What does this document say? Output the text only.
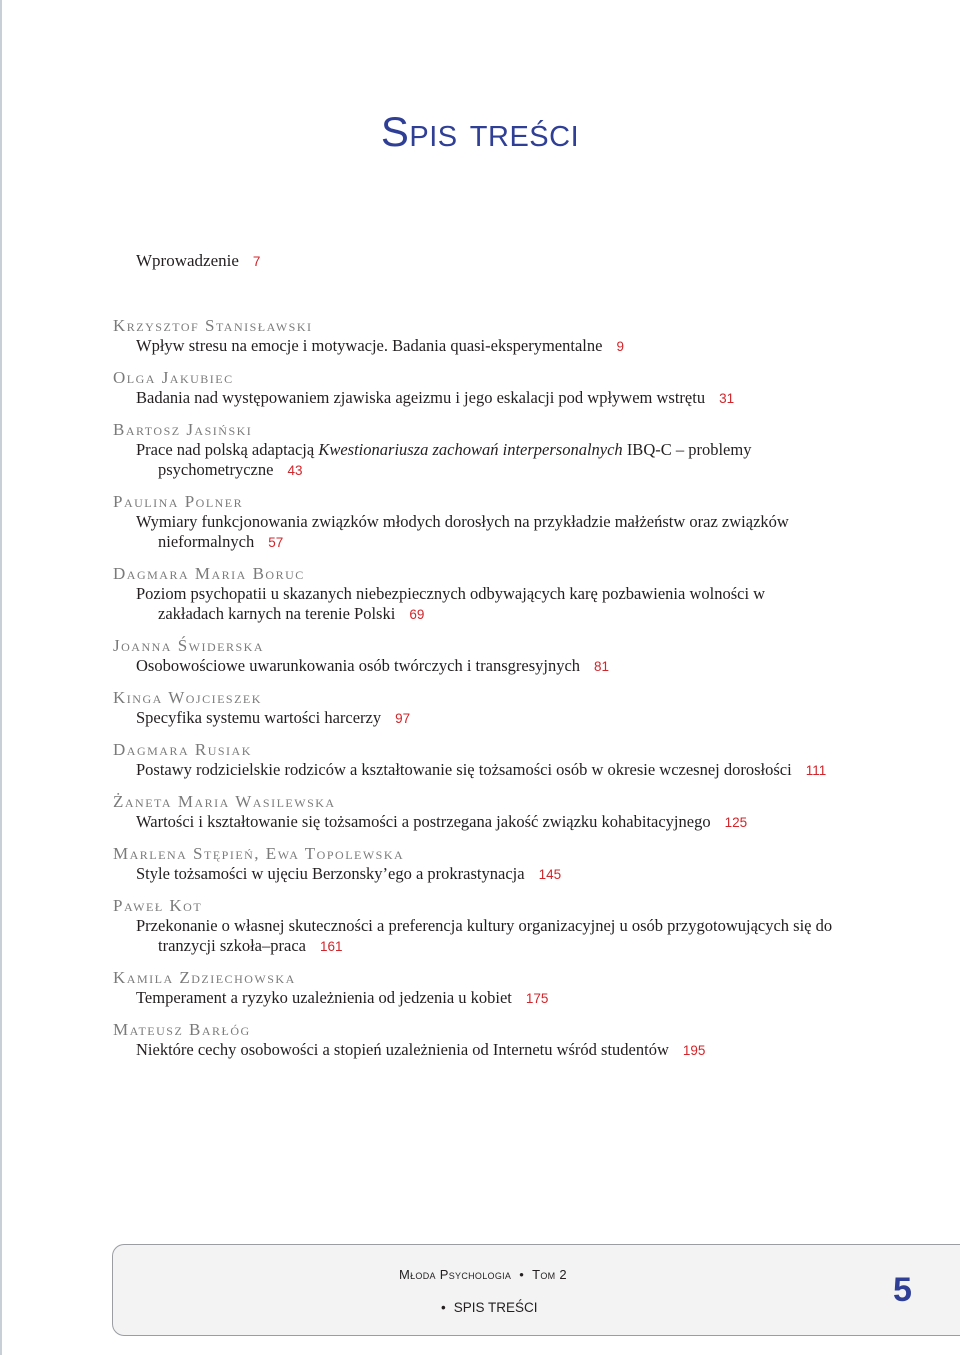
Spis treści
Wprowadzenie 7
Krzysztof Stanisławski
Wpływ stresu na emocje i motywacje. Badania quasi-eksperymentalne 9
Olga Jakubiec
Badania nad występowaniem zjawiska ageizmu i jego eskalacji pod wpływem wstrętu 31
Bartosz Jasiński
Prace nad polską adaptacją Kwestionariusza zachowań interpersonalnych IBQ-C – problemy psychometryczne 43
Paulina Polner
Wymiary funkcjonowania związków młodych dorosłych na przykładzie małżeństw oraz związków nieformalnych 57
Dagmara Maria Boruc
Poziom psychopatii u skazanych niebezpiecznych odbywających karę pozbawienia wolności w zakładach karnych na terenie Polski 69
Joanna Świderska
Osobowościowe uwarunkowania osób twórczych i transgresyjnych 81
Kinga Wojcieszek
Specyfika systemu wartości harcerzy 97
Dagmara Rusiak
Postawy rodzicielskie rodziców a kształtowanie się tożsamości osób w okresie wczesnej dorosłości 111
Żaneta Maria Wasilewska
Wartości i kształtowanie się tożsamości a postrzegana jakość związku kohabitacyjnego 125
Marlena Stępień, Ewa Topolewska
Style tożsamości w ujęciu Berzonsky’ego a prokrastynacja 145
Paweł Kot
Przekonanie o własnej skuteczności a preferencja kultury organizacyjnej u osób przygotowujących się do tranzycji szkoła–praca 161
Kamila Zdziechowska
Temperament a ryzyko uzależnienia od jedzenia u kobiet 175
Mateusz Barłóg
Niektóre cechy osobowości a stopień uzależnienia od Internetu wśród studentów 195
Młoda Psychologia • Tom 2
• SPIS TREŚCI	5
